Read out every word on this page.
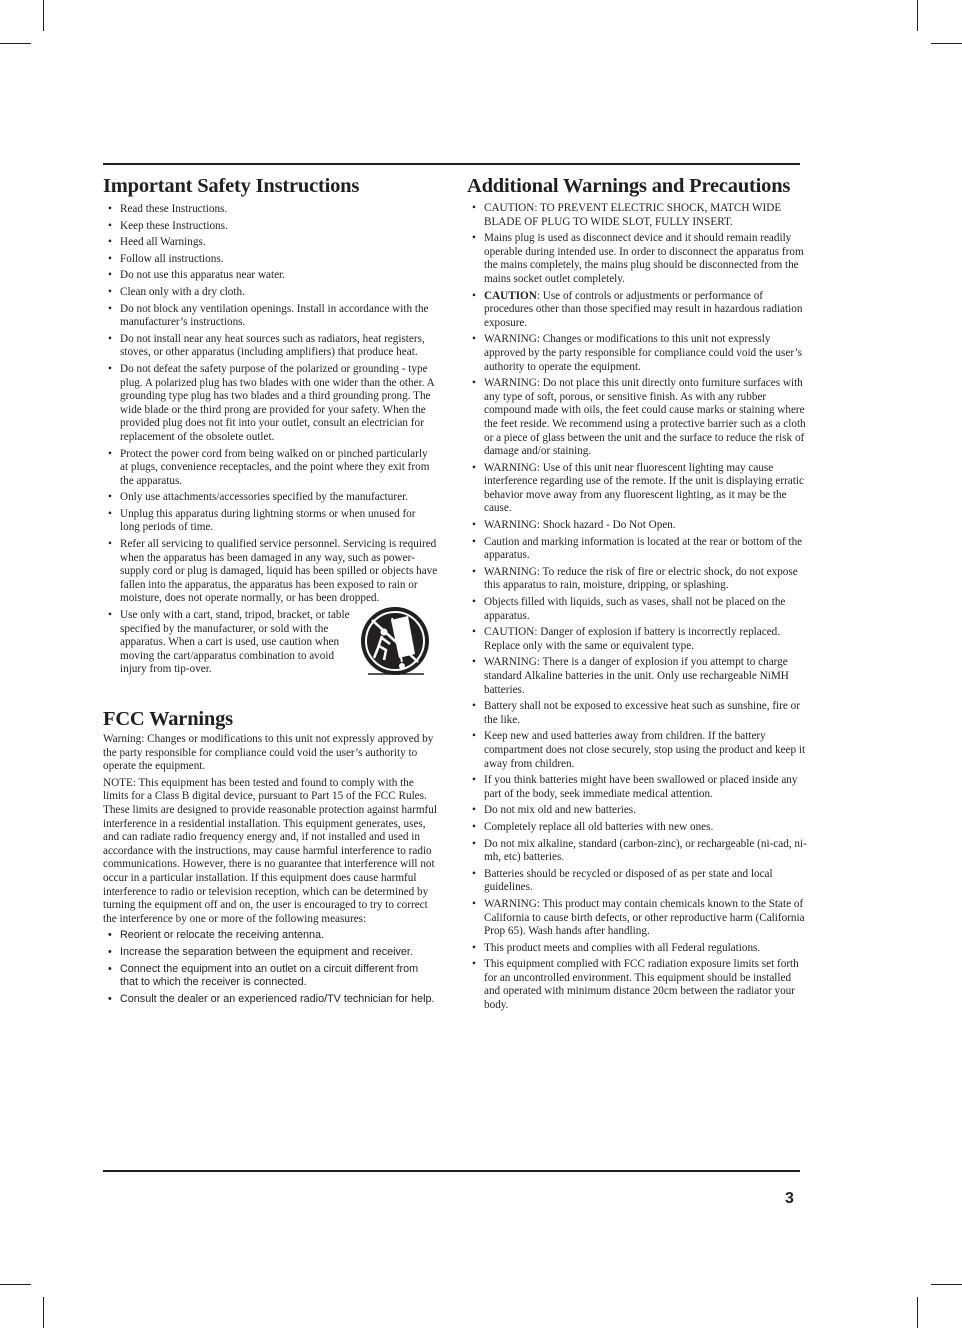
Important Safety Instructions
• Read these Instructions.
• Keep these Instructions.
• Heed all Warnings.
• Follow all instructions.
• Do not use this apparatus near water.
• Clean only with a dry cloth.
• Do not block any ventilation openings. Install in accordance with the manufacturer’s instructions.
• Do not install near any heat sources such as radiators, heat registers, stoves, or other apparatus (including amplifiers) that produce heat.
• Do not defeat the safety purpose of the polarized or grounding - type plug. A polarized plug has two blades with one wider than the other. A grounding type plug has two blades and a third grounding prong. The wide blade or the third prong are provided for your safety. When the provided plug does not fit into your outlet, consult an electrician for replacement of the obsolete outlet.
• Protect the power cord from being walked on or pinched particularly at plugs, convenience receptacles, and the point where they exit from the apparatus.
• Only use attachments/accessories specified by the manufacturer.
• Unplug this apparatus during lightning storms or when unused for long periods of time.
• Refer all servicing to qualified service personnel. Servicing is required when the apparatus has been damaged in any way, such as power-supply cord or plug is damaged, liquid has been spilled or objects have fallen into the apparatus, the apparatus has been exposed to rain or moisture, does not operate normally, or has been dropped.
• Use only with a cart, stand, tripod, bracket, or table specified by the manufacturer, or sold with the apparatus. When a cart is used, use caution when moving the cart/apparatus combination to avoid injury from tip-over.
FCC Warnings

Warning: Changes or modifications to this unit not expressly approved by the party responsible for compliance could void the user’s authority to operate the equipment.

NOTE: This equipment has been tested and found to comply with the limits for a Class B digital device, pursuant to Part 15 of the FCC Rules. These limits are designed to provide reasonable protection against harmful interference in a residential installation. This equipment generates, uses, and can radiate radio frequency energy and, if not installed and used in accordance with the instructions, may cause harmful interference to radio communications. However, there is no guarantee that interference will not occur in a particular installation. If this equipment does cause harmful interference to radio or television reception, which can be determined by turning the equipment off and on, the user is encouraged to try to correct the interference by one or more of the following measures:

• Reorient or relocate the receiving antenna.
• Increase the separation between the equipment and receiver.
• Connect the equipment into an outlet on a circuit different from that to which the receiver is connected.
• Consult the dealer or an experienced radio/TV technician for help.
Additional Warnings and Precautions
• CAUTION: TO PREVENT ELECTRIC SHOCK, MATCH WIDE BLADE OF PLUG TO WIDE SLOT, FULLY INSERT.
• Mains plug is used as disconnect device and it should remain readily operable during intended use. In order to disconnect the apparatus from the mains completely, the mains plug should be disconnected from the mains socket outlet completely.
• CAUTION: Use of controls or adjustments or performance of procedures other than those specified may result in hazardous radiation exposure.
• WARNING: Changes or modifications to this unit not expressly approved by the party responsible for compliance could void the user’s authority to operate the equipment.
• WARNING: Do not place this unit directly onto furniture surfaces with any type of soft, porous, or sensitive finish. As with any rubber compound made with oils, the feet could cause marks or staining where the feet reside. We recommend using a protective barrier such as a cloth or a piece of glass between the unit and the surface to reduce the risk of damage and/or staining.
• WARNING: Use of this unit near fluorescent lighting may cause interference regarding use of the remote. If the unit is displaying erratic behavior move away from any fluorescent lighting, as it may be the cause.
• WARNING: Shock hazard - Do Not Open.
• Caution and marking information is located at the rear or bottom of the apparatus.
• WARNING: To reduce the risk of fire or electric shock, do not expose this apparatus to rain, moisture, dripping, or splashing.
• Objects filled with liquids, such as vases, shall not be placed on the apparatus.
• CAUTION: Danger of explosion if battery is incorrectly replaced. Replace only with the same or equivalent type.
• WARNING: There is a danger of explosion if you attempt to charge standard Alkaline batteries in the unit. Only use rechargeable NiMH batteries.
• Battery shall not be exposed to excessive heat such as sunshine, fire or the like.
• Keep new and used batteries away from children. If the battery compartment does not close securely, stop using the product and keep it away from children.
• If you think batteries might have been swallowed or placed inside any part of the body, seek immediate medical attention.
• Do not mix old and new batteries.
• Completely replace all old batteries with new ones.
• Do not mix alkaline, standard (carbon-zinc), or rechargeable (ni-cad, ni-mh, etc) batteries.
• Batteries should be recycled or disposed of as per state and local guidelines.
• WARNING: This product may contain chemicals known to the State of California to cause birth defects, or other reproductive harm (California Prop 65). Wash hands after handling.
• This product meets and complies with all Federal regulations.
• This equipment complied with FCC radiation exposure limits set forth for an uncontrolled environment. This equipment should be installed and operated with minimum distance 20cm between the radiator your body.
3
